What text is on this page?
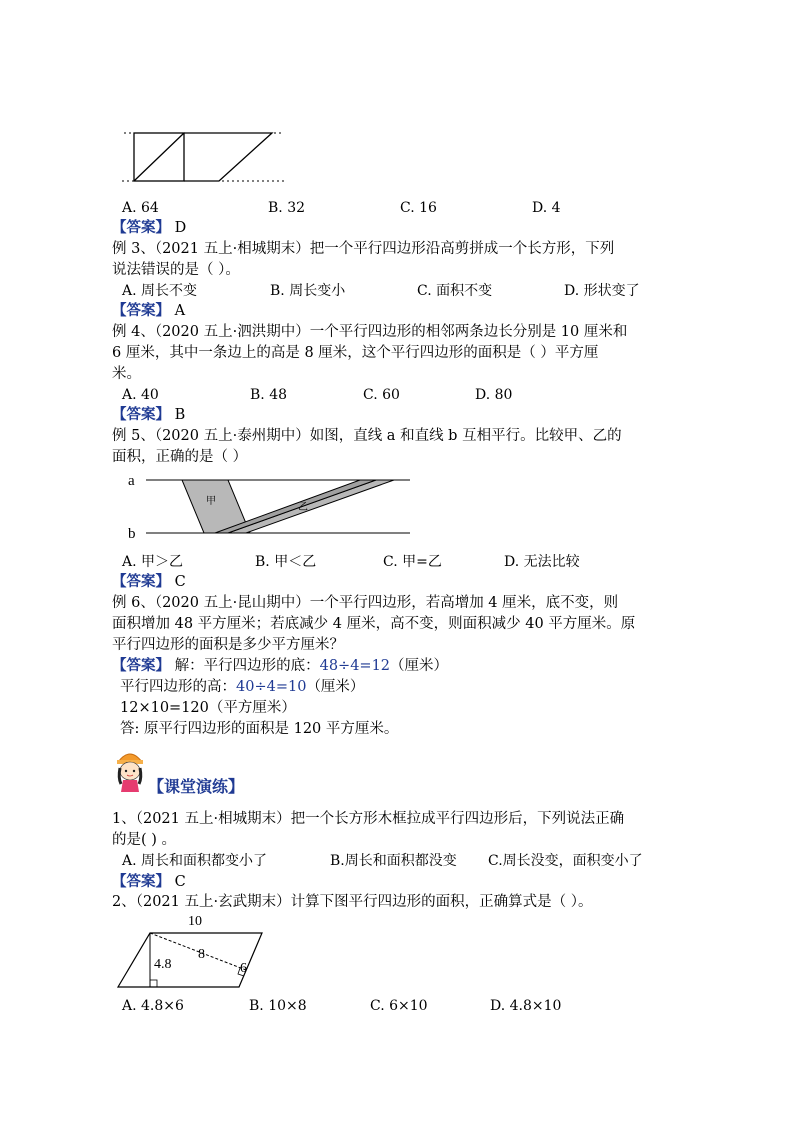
A. 64	B. 32	C. 16	D. 4
【答案】 D
例 3、（2021 五上·相城期末）把一个平行四边形沿高剪拼成一个长方形，下列
说法错误的是（ ）。
A. 周长不变	B. 周长变小	C. 面积不变	D. 形状变了
【答案】 A
例 4、（2020 五上·泗洪期中）一个平行四边形的相邻两条边长分别是 10 厘米和
6 厘米，其中一条边上的高是 8 厘米，这个平行四边形的面积是（ ）平方厘
米。
A. 40	B. 48	C. 60	D. 80
【答案】 B
例 5、（2020 五上·泰州期中）如图，直线 a 和直线 b 互相平行。比较甲、乙的
面积，正确的是（ ）
a
b
甲
乙
A. 甲＞乙	B. 甲＜乙	C. 甲=乙	D. 无法比较
【答案】 C
例 6、（2020 五上·昆山期中）一个平行四边形，若高增加 4 厘米，底不变，则
面积增加 48 平方厘米；若底减少 4 厘米，高不变，则面积减少 40 平方厘米。原
平行四边形的面积是多少平方厘米？
【答案】 解：平行四边形的底：48÷4=12（厘米）
平行四边形的高：40÷4=10（厘米）
12×10=120（平方厘米）
答: 原平行四边形的面积是 120 平方厘米。
【课堂演练】
1、（2021 五上·相城期末）把一个长方形木框拉成平行四边形后，下列说法正确
的是( ) 。
A. 周长和面积都变小了	B.周长和面积都没变 C.周长没变，面积变小了
【答案】 C
2、（2021 五上·玄武期末）计算下图平行四边形的面积，正确算式是（ ）。
10
4.8
8
6
A. 4.8×6	B. 10×8	C. 6×10	D. 4.8×10
